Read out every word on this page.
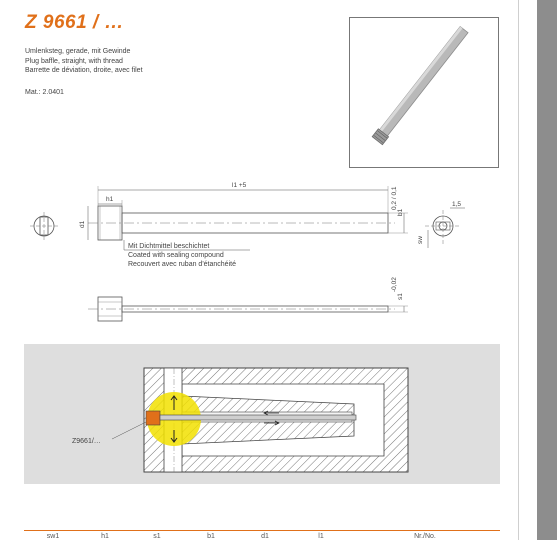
Z 9661 / …
Umlenksteg, gerade, mit Gewinde
Plug baffle, straight, with thread
Barrette de déviation, droite, avec filet
Mat.: 2.0401
h1
l1 +5
d1
b1
0,2 / 0,1	1,5
sw
s1
-0,02
Mit Dichtmittel beschichtet
Coated with sealing compound
Recouvert avec ruban d'étanchéité
Z9661/…
sw1	h1	s1	b1	d1	l1	Nr./No.
